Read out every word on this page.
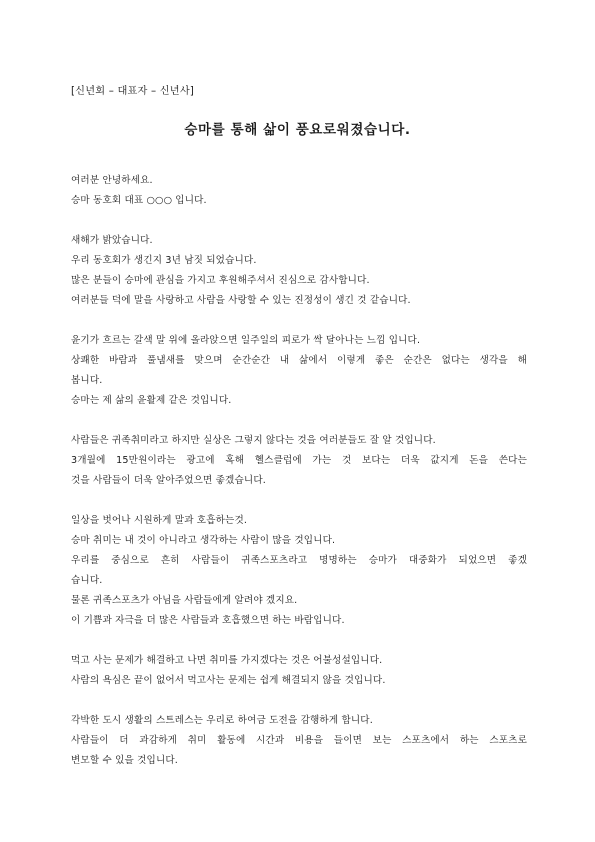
[신년회 – 대표자 – 신년사]
승마를 통해 삶이 풍요로워졌습니다.
여러분 안녕하세요.
승마 동호회 대표 ○○○ 입니다.
새해가 밝았습니다.
우리 동호회가 생긴지 3년 남짓 되었습니다.
많은 분들이 승마에 관심을 가지고 후원해주셔서 진심으로 감사합니다.
여러분들 덕에 말을 사랑하고 사람을 사랑할 수 있는 진정성이 생긴 것 같습니다.
윤기가 흐르는 갈색 말 위에 올라앉으면 일주일의 피로가 싹 달아나는 느낌 입니다.
상쾌한 바람과 풀냄새를 맞으며 순간순간 내 삶에서 이렇게 좋은 순간은 없다는 생각을 해
봅니다.
승마는 제 삶의 윤활제 같은 것입니다.
사람들은 귀족취미라고 하지만 실상은 그렇지 않다는 것을 여러분들도 잘 알 것입니다.
3개월에 15만원이라는 광고에 혹해 헬스클럽에 가는 것 보다는 더욱 값지게 돈을 쓴다는
것을 사람들이 더욱 알아주었으면 좋겠습니다.
일상을 벗어나 시원하게 말과 호흡하는것.
승마 취미는 내 것이 아니라고 생각하는 사람이 많을 것입니다.
우리를 중심으로 흔히 사람들이 귀족스포츠라고 명명하는 승마가 대중화가 되었으면 좋겠
습니다.
물론 귀족스포츠가 아님을 사람들에게 알려야 겠지요.
이 기쁨과 자극을 더 많은 사람들과 호흡했으면 하는 바람입니다.
먹고 사는 문제가 해결하고 나면 취미를 가지겠다는 것은 어불성설입니다.
사람의 욕심은 끝이 없어서 먹고사는 문제는 쉽게 해결되지 않을 것입니다.
각박한 도시 생활의 스트레스는 우리로 하여금 도전을 감행하게 합니다.
사람들이 더 과감하게 취미 활동에 시간과 비용을 들이면 보는 스포츠에서 하는 스포츠로
변모할 수 있을 것입니다.
